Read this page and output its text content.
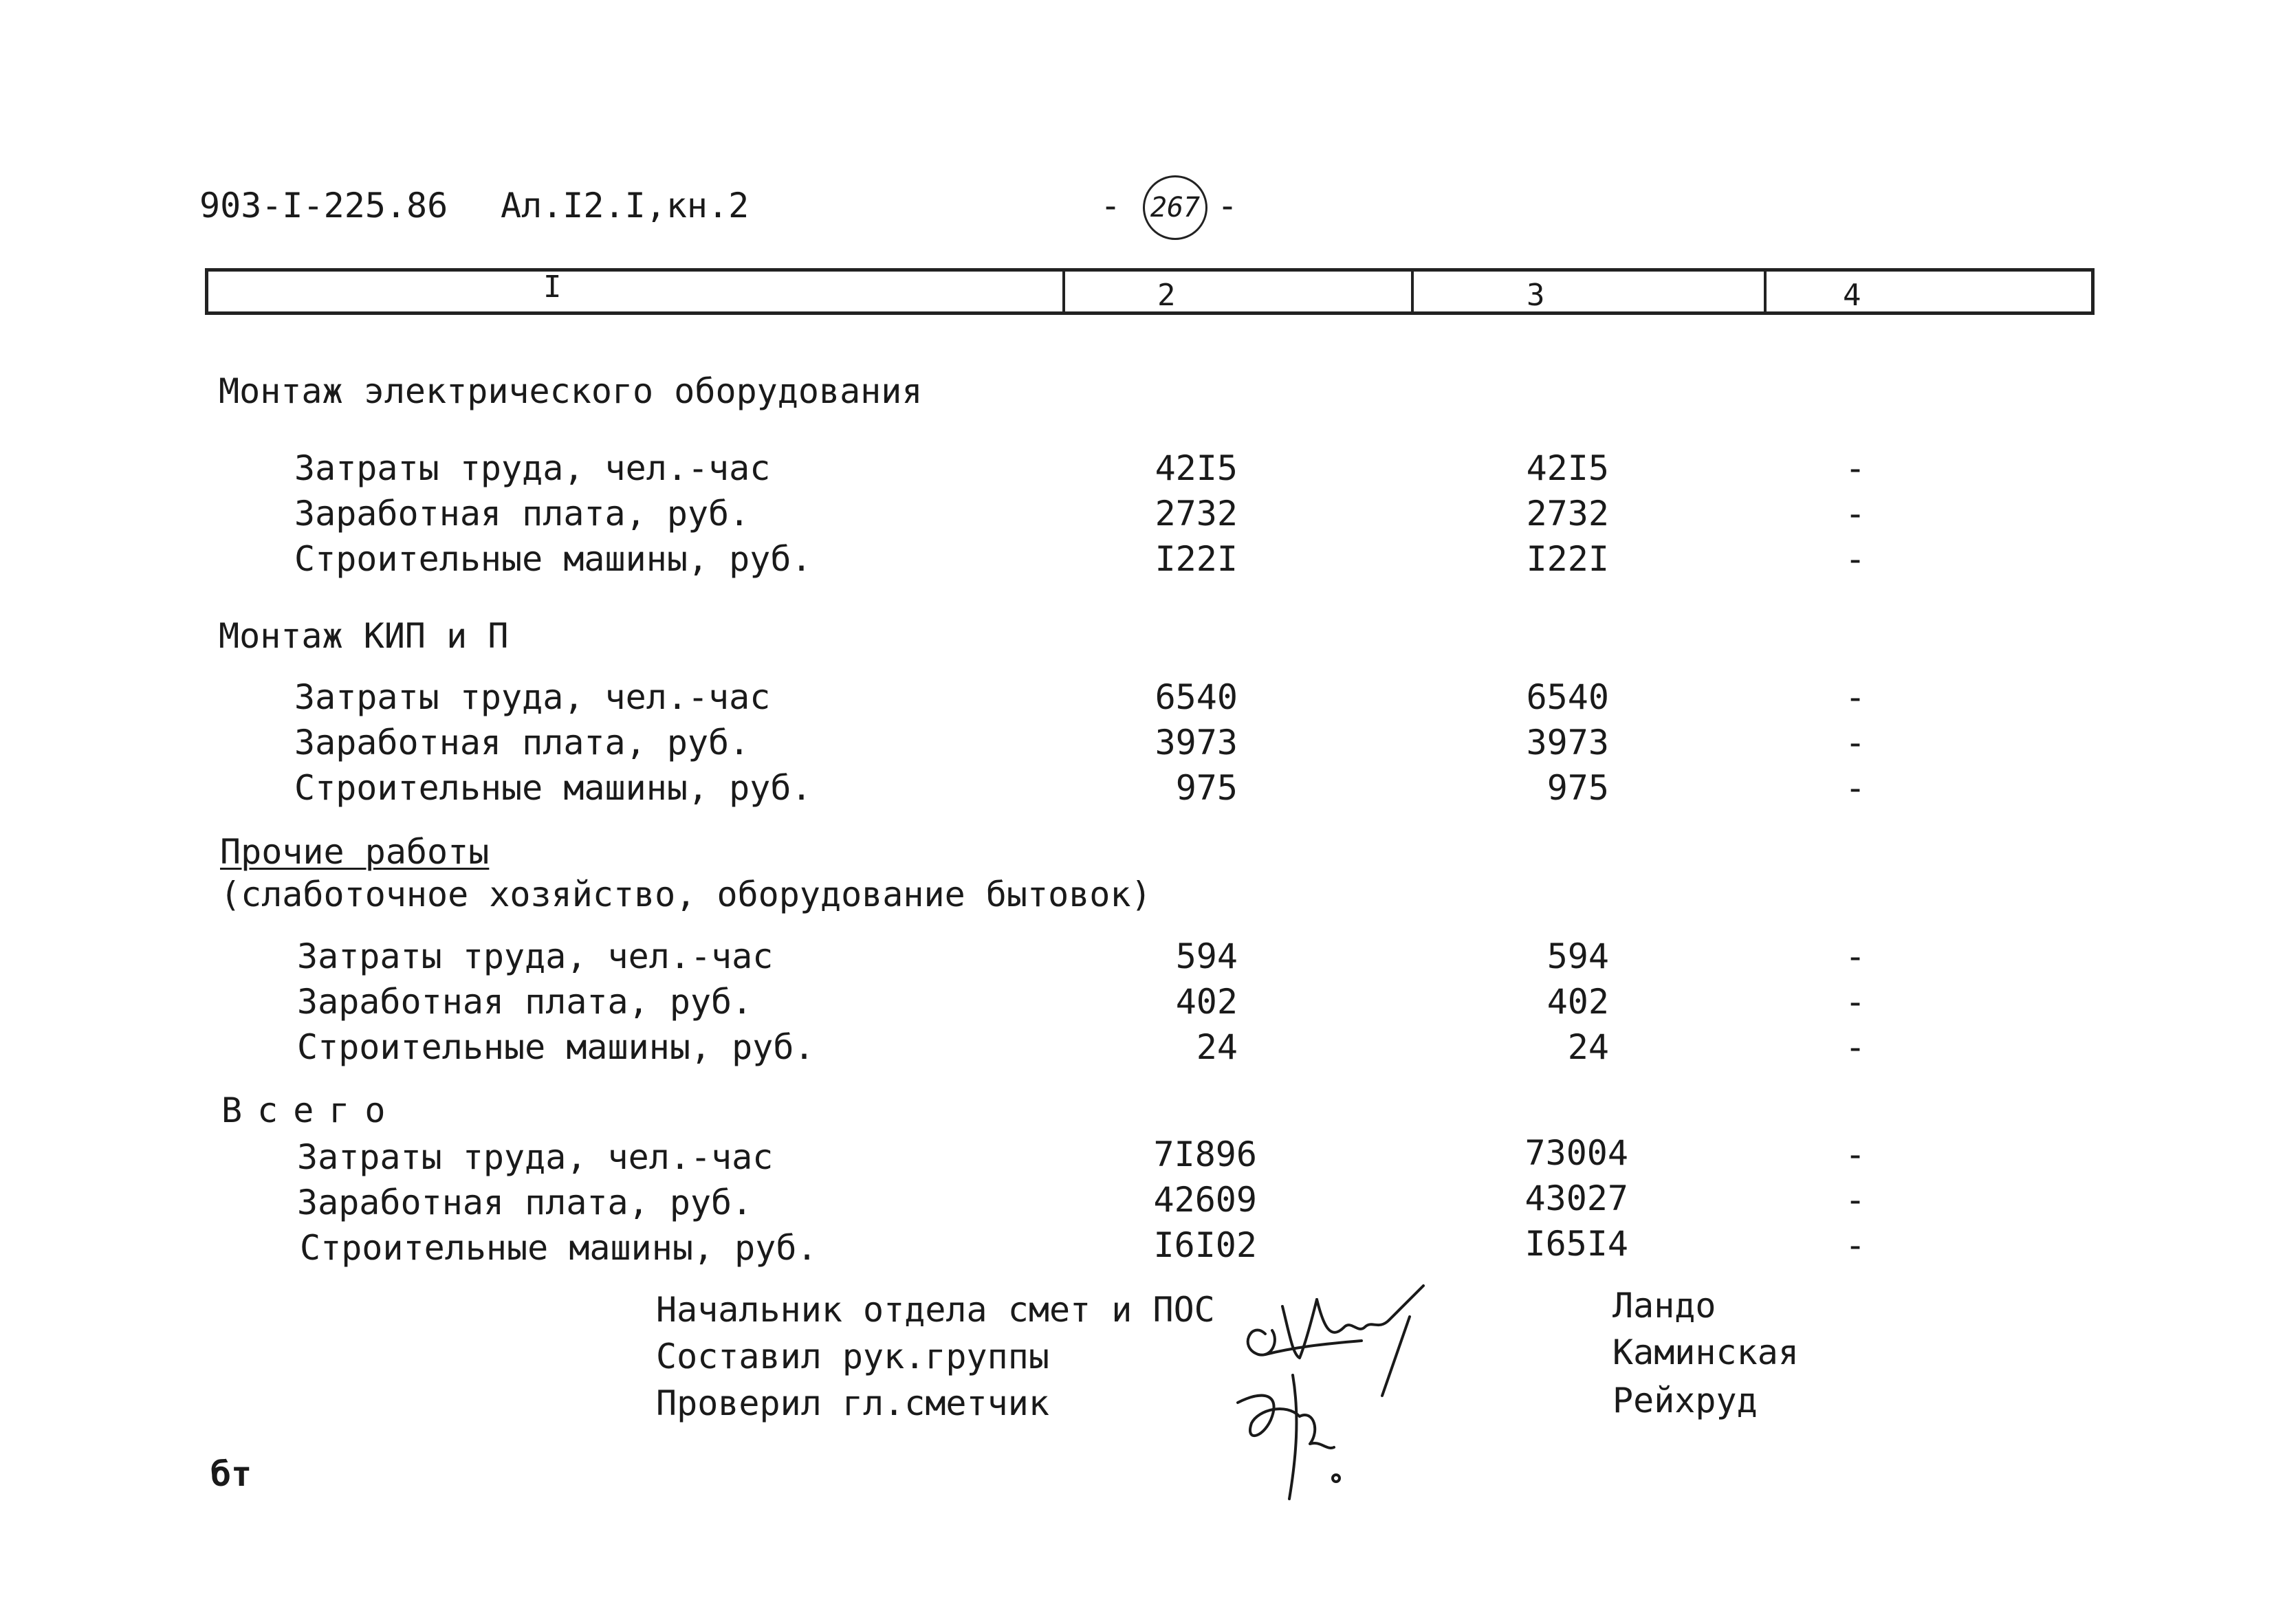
903-I-225.86 Ал.I2.I,кн.2	- 267 -
I	2	3	4
Монтаж электрического оборудования
Затраты труда, чел.-час	42I5	42I5	-
Заработная плата, руб.	2732	2732	-
Строительные машины, руб.	I22I	I22I	-
Монтаж КИП и П
Затраты труда, чел.-час	6540	6540	-
Заработная плата, руб.	3973	3973	-
Строительные машины, руб.	975	975	-
Прочие работы
(слаботочное хозяйство, оборудование бытовок)
Затраты труда, чел.-час	594	594	-
Заработная плата, руб.	402	402	-
Строительные машины, руб.	24	24	-
Всего
Затраты труда, чел.-час	7I896	73004	-
Заработная плата, руб.	42609	43027	-
Строительные машины, руб.	I6I02	I65I4	-
Начальник отдела смет и ПОС
Составил рук.группы
Проверил гл.сметчик
Ландо
Каминская
Рейхруд
бт
